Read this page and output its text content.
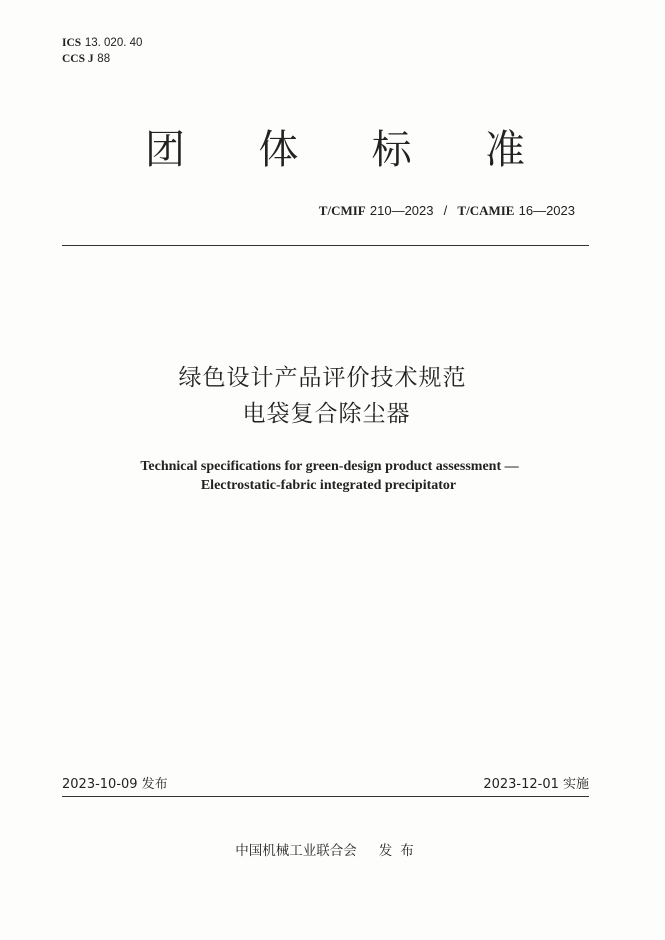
ICS 13. 020. 40
CCS J 88
团 体 标 准
T/CMIF 210—2023 / T/CAMIE 16—2023
绿色设计产品评价技术规范
电袋复合除尘器
Technical specifications for green-design product assessment —
Electrostatic-fabric integrated precipitator
2023-10-09 发布	2023-12-01 实施
中国机械工业联合会 发布
